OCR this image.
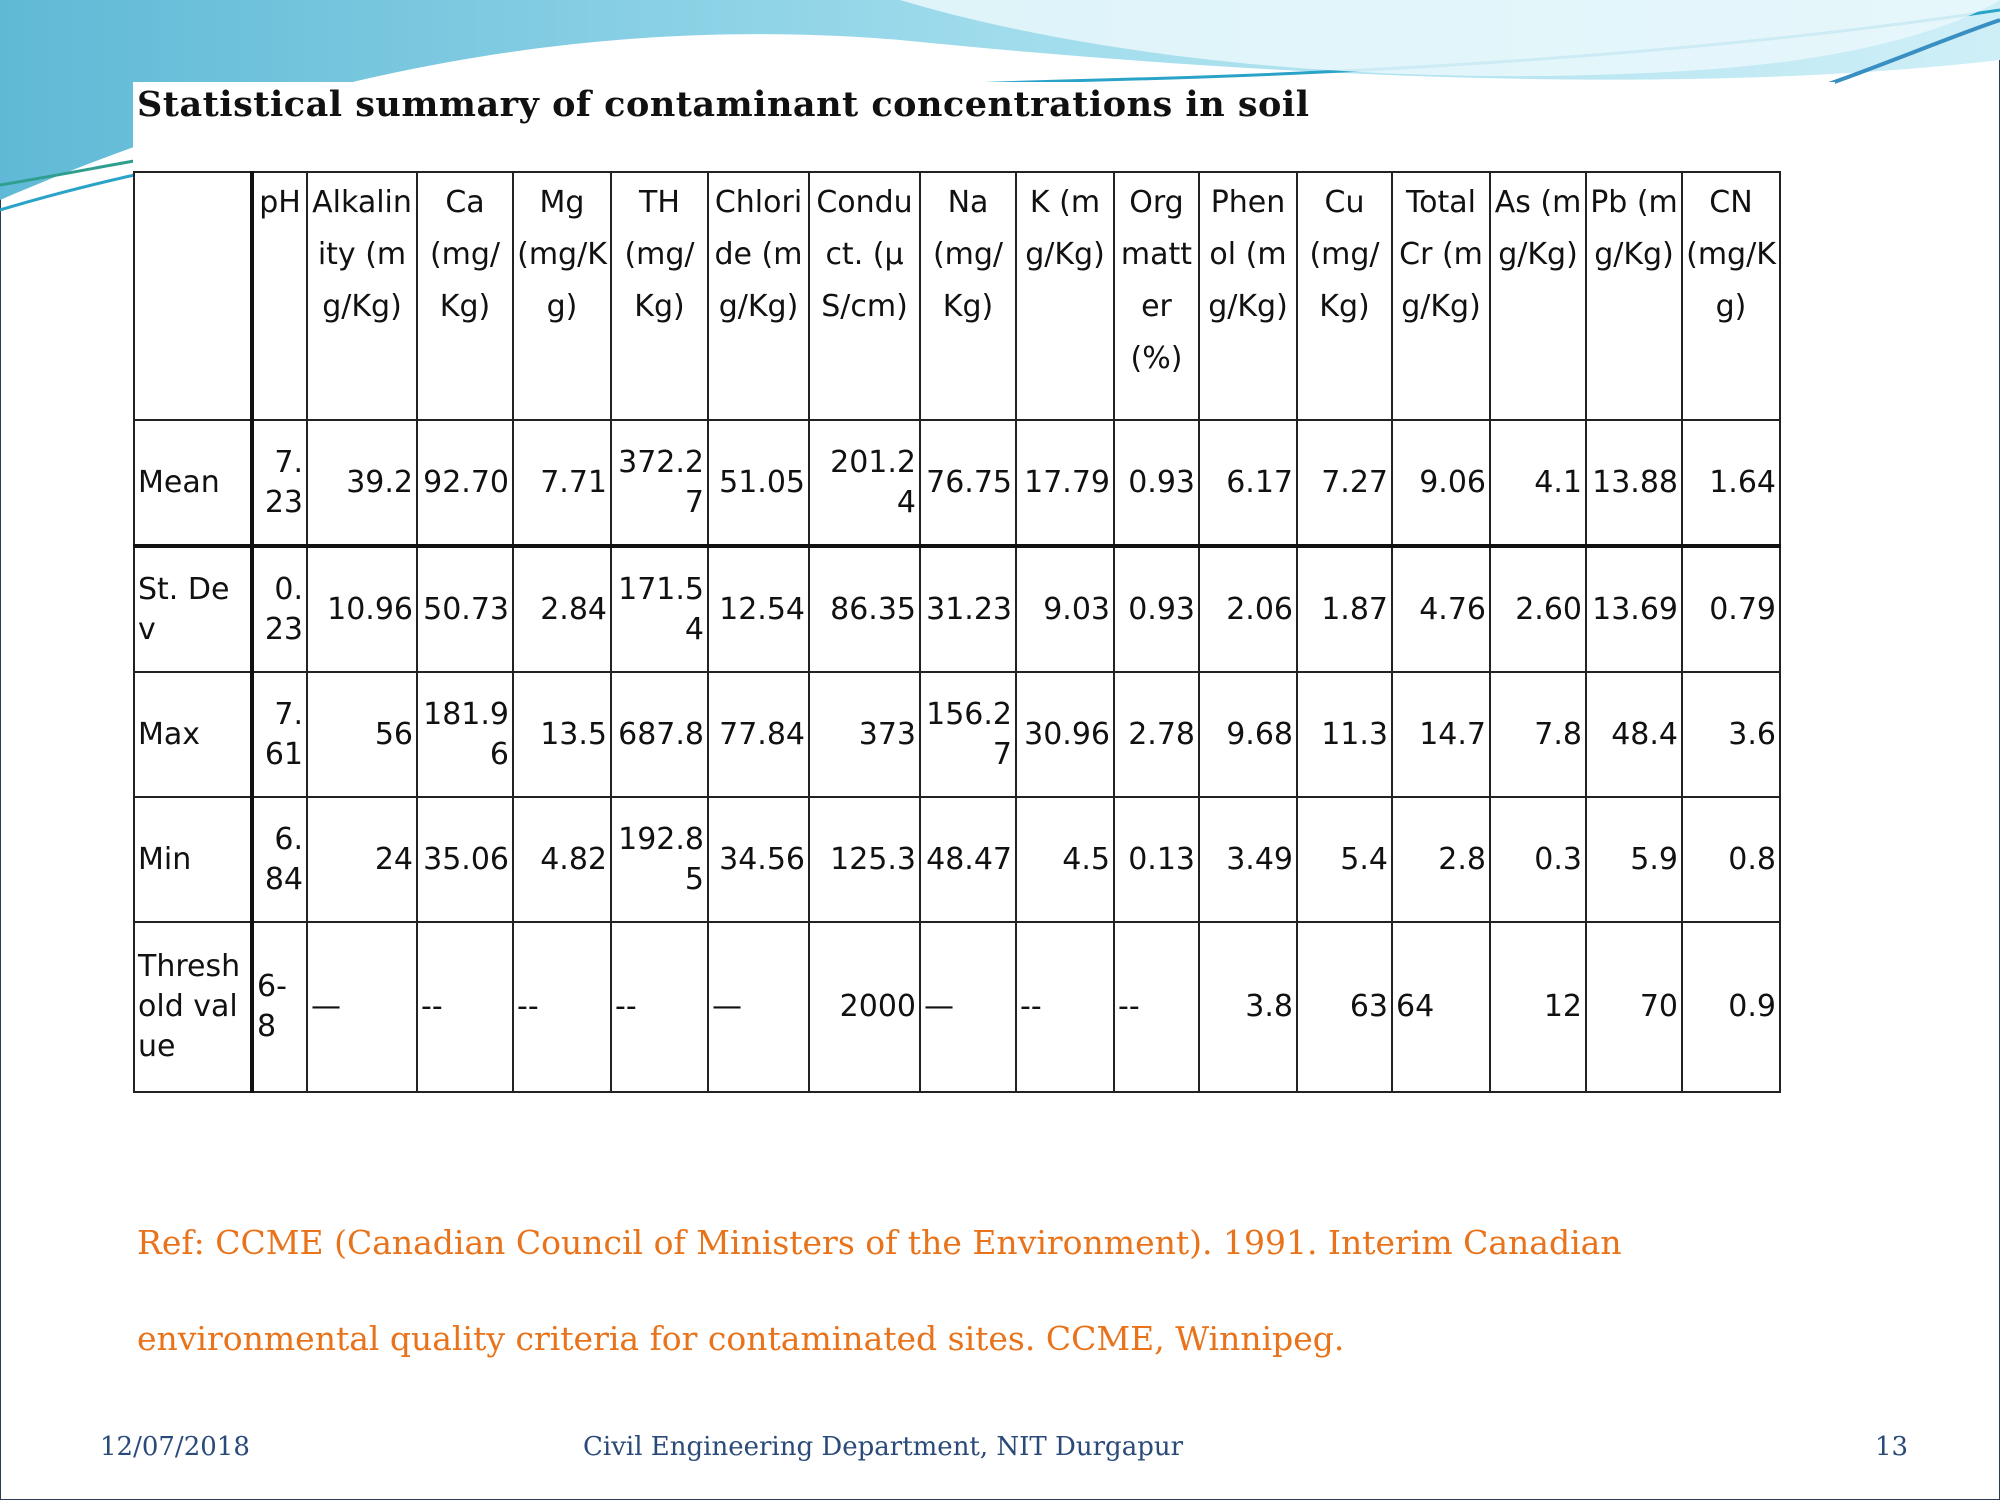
Statistical summary of contaminant concentrations in soil
	pH	Alkalinity (mg/Kg)	Ca (mg/Kg)	Mg (mg/Kg)	TH (mg/Kg)	Chloride (mg/Kg)	Conduct. (µS/cm)	Na (mg/Kg)	K (mg/Kg)	Org matter (%)	Phenol (mg/Kg)	Cu (mg/Kg)	Total Cr (mg/Kg)	As (mg/Kg)	Pb (mg/Kg)	CN (mg/Kg)
Mean	7.23	39.2	92.70	7.71	372.27	51.05	201.24	76.75	17.79	0.93	6.17	7.27	9.06	4.1	13.88	1.64
St. Dev	0.23	10.96	50.73	2.84	171.54	12.54	86.35	31.23	9.03	0.93	2.06	1.87	4.76	2.60	13.69	0.79
Max	7.61	56	181.96	13.5	687.8	77.84	373	156.27	30.96	2.78	9.68	11.3	14.7	7.8	48.4	3.6
Min	6.84	24	35.06	4.82	192.85	34.56	125.3	48.47	4.5	0.13	3.49	5.4	2.8	0.3	5.9	0.8
Threshold value	6-8	—	--	--	--	—	2000	—	--	--	3.8	63	64	12	70	0.9

Ref: CCME (Canadian Council of Ministers of the Environment). 1991. Interim Canadian
environmental quality criteria for contaminated sites. CCME, Winnipeg.

12/07/2018	Civil Engineering Department, NIT Durgapur	13
